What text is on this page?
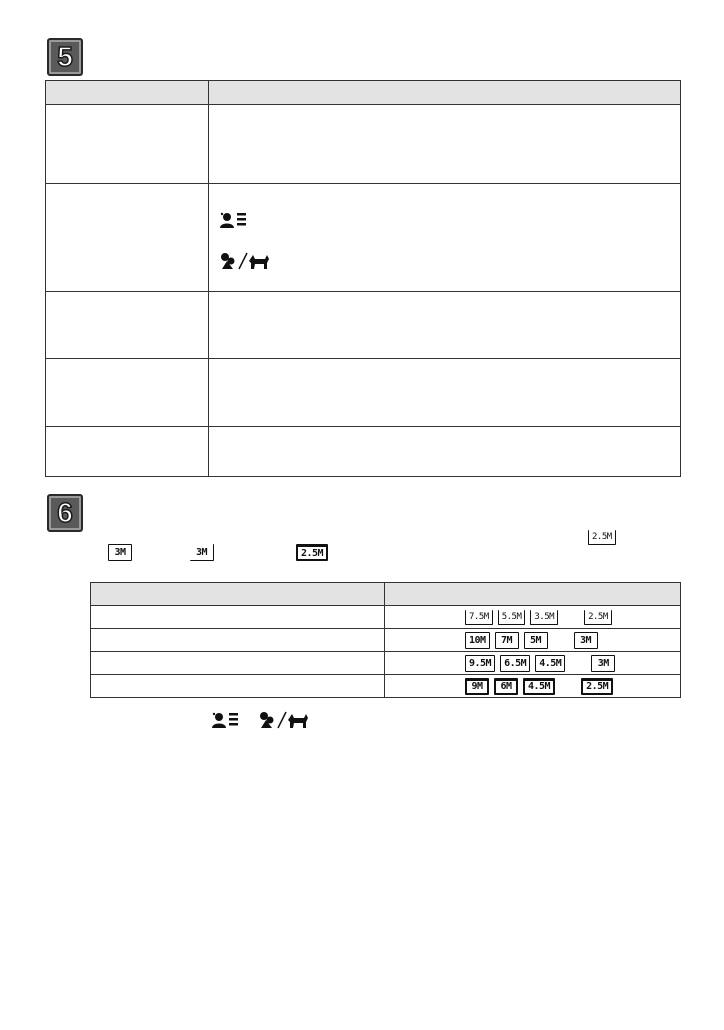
5

6
2.5M
3M	3M	2.5M

7.5M 5.5M 3.5M 2.5M

10M 7M 5M 3M

9.5M 6.5M 4.5M 3M

9M 6M 4.5M 2.5M
